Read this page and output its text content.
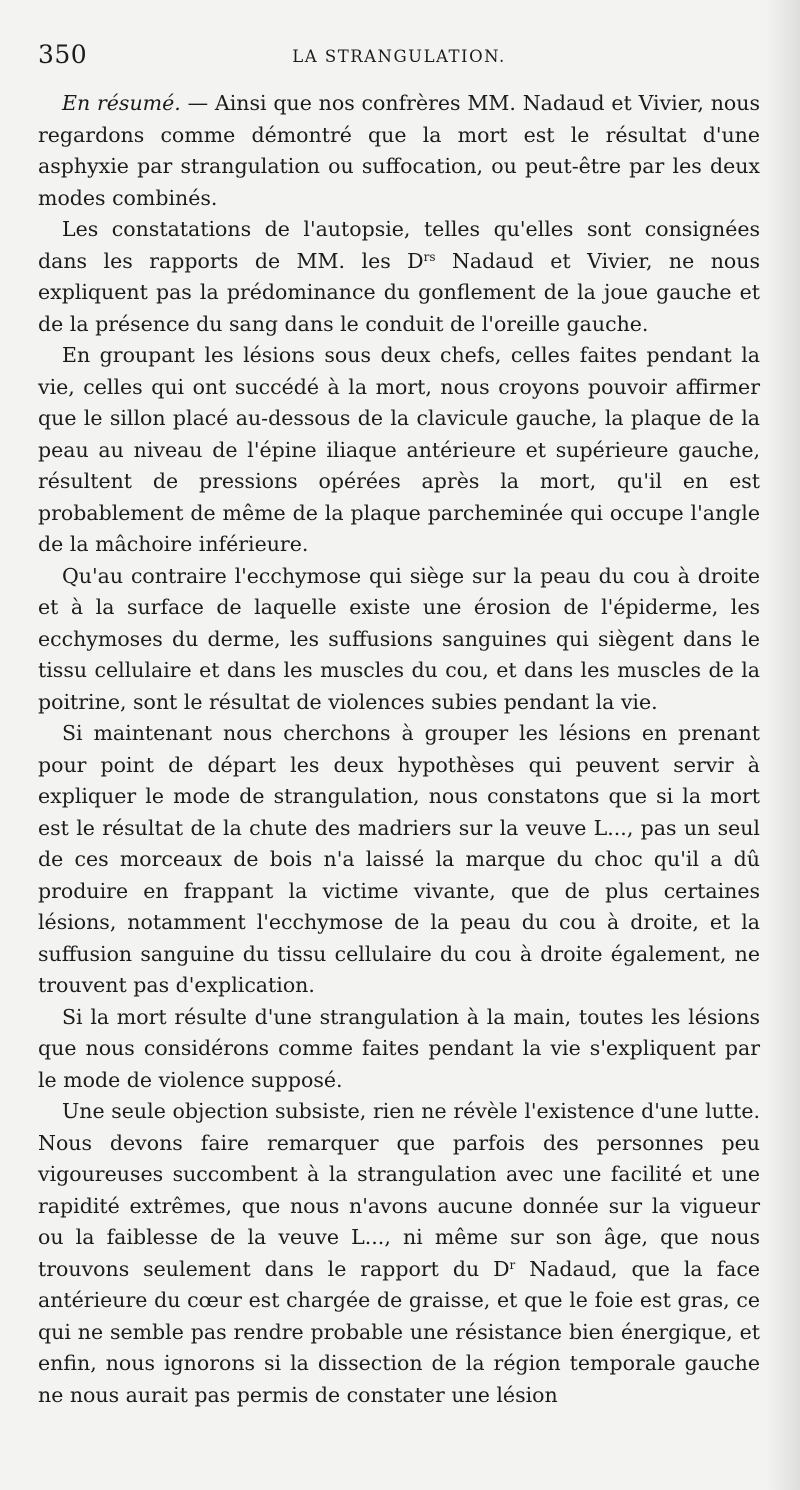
350	LA STRANGULATION.

En résumé. — Ainsi que nos confrères MM. Nadaud et Vivier, nous regardons comme démontré que la mort est le résultat d'une asphyxie par strangulation ou suffocation, ou peut-être par les deux modes combinés.

Les constatations de l'autopsie, telles qu'elles sont consignées dans les rapports de MM. les $D^{rs}$ Nadaud et Vivier, ne nous expliquent pas la prédominance du gonflement de la joue gauche et de la présence du sang dans le conduit de l'oreille gauche.

En groupant les lésions sous deux chefs, celles faites pendant la vie, celles qui ont succédé à la mort, nous croyons pouvoir affirmer que le sillon placé au-dessous de la clavicule gauche, la plaque de la peau au niveau de l'épine iliaque antérieure et supérieure gauche, résultent de pressions opérées après la mort, qu'il en est probablement de même de la plaque parcheminée qui occupe l'angle de la mâchoire inférieure.

Qu'au contraire l'ecchymose qui siège sur la peau du cou à droite et à la surface de laquelle existe une érosion de l'épiderme, les ecchymoses du derme, les suffusions sanguines qui siègent dans le tissu cellulaire et dans les muscles du cou, et dans les muscles de la poitrine, sont le résultat de violences subies pendant la vie.

Si maintenant nous cherchons à grouper les lésions en prenant pour point de départ les deux hypothèses qui peuvent servir à expliquer le mode de strangulation, nous constatons que si la mort est le résultat de la chute des madriers sur la veuve L..., pas un seul de ces morceaux de bois n'a laissé la marque du choc qu'il a dû produire en frappant la victime vivante, que de plus certaines lésions, notamment l'ecchymose de la peau du cou à droite, et la suffusion sanguine du tissu cellulaire du cou à droite également, ne trouvent pas d'explication.

Si la mort résulte d'une strangulation à la main, toutes les lésions que nous considérons comme faites pendant la vie s'expliquent par le mode de violence supposé.

Une seule objection subsiste, rien ne révèle l'existence d'une lutte. Nous devons faire remarquer que parfois des personnes peu vigoureuses succombent à la strangulation avec une facilité et une rapidité extrêmes, que nous n'avons aucune donnée sur la vigueur ou la faiblesse de la veuve L..., ni même sur son âge, que nous trouvons seulement dans le rapport du $D^r$ Nadaud, que la face antérieure du cœur est chargée de graisse, et que le foie est gras, ce qui ne semble pas rendre probable une résistance bien énergique, et enfin, nous ignorons si la dissection de la région temporale gauche ne nous aurait pas permis de constater une lésion
